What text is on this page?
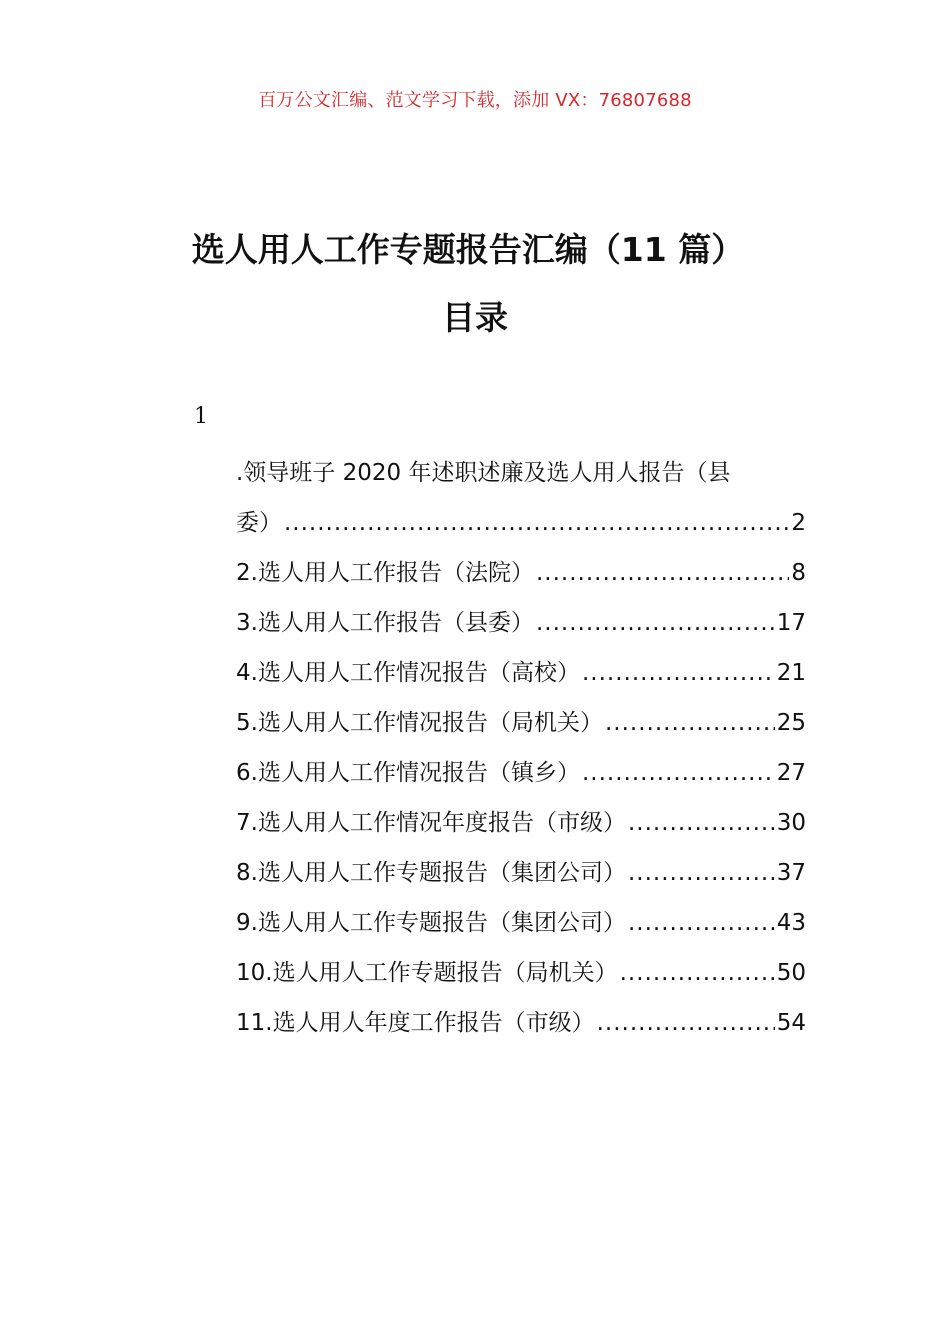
百万公文汇编、范文学习下载，添加 VX：76807688
选人用人工作专题报告汇编（11 篇）
目录
1
.领导班子 2020 年述职述廉及选人用人报告（县
委） .....	2
2.选人用人工作报告（法院） .....	8
3.选人用人工作报告（县委） .....	17
4.选人用人工作情况报告（高校） .....	21
5.选人用人工作情况报告（局机关） .....	25
6.选人用人工作情况报告（镇乡） .....	27
7.选人用人工作情况年度报告（市级） .....	30
8.选人用人工作专题报告（集团公司） .....	37
9.选人用人工作专题报告（集团公司） .....	43
10.选人用人工作专题报告（局机关） .....	50
11.选人用人年度工作报告（市级） .....	54
